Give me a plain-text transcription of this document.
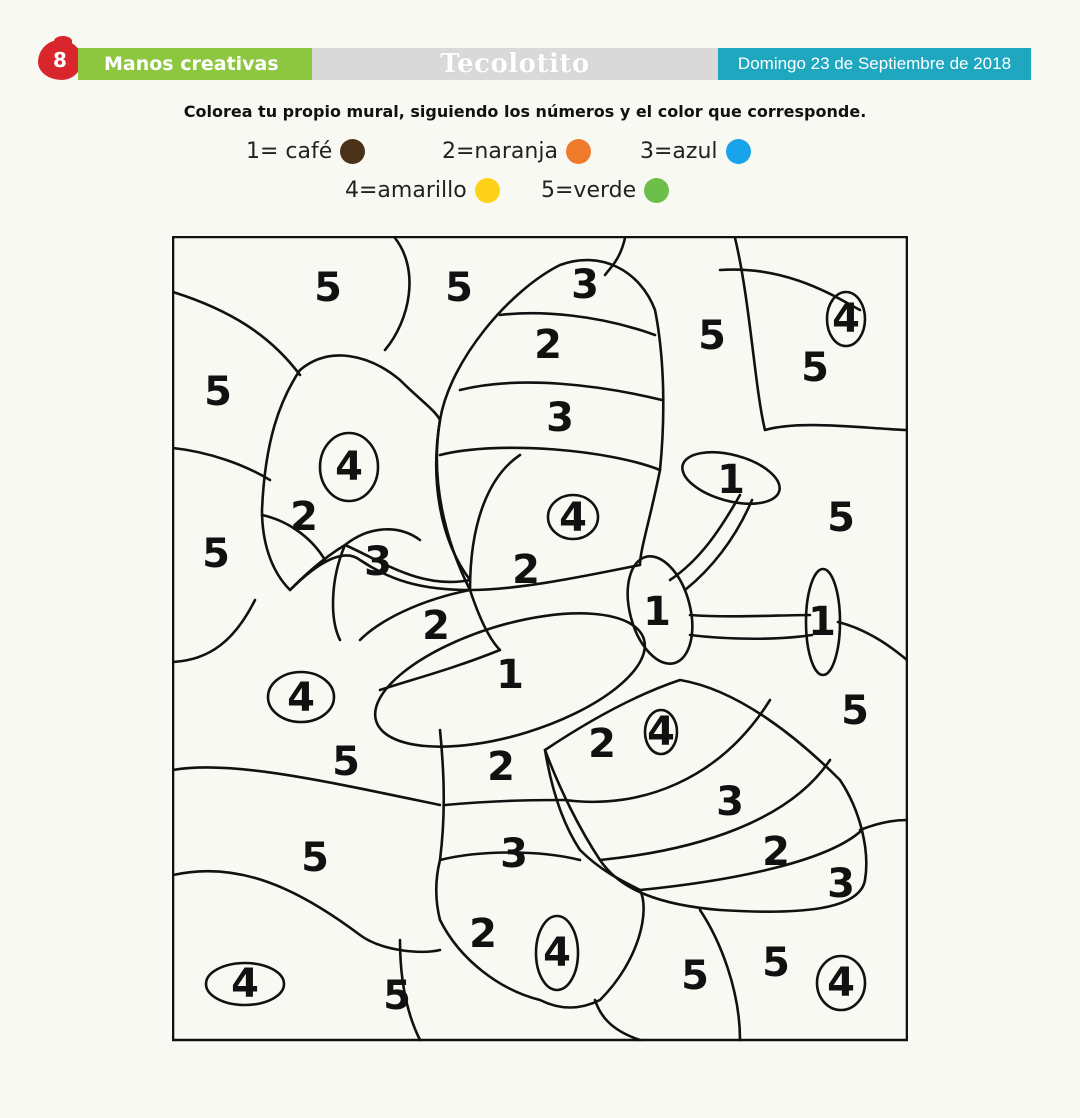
8	Manos creativas	Tecolotito	Domingo 23 de Septiembre de 2018
Colorea tu propio mural, siguiendo los números y el color que corresponde.
1= café	2=naranja	3=azul
4=amarillo	5=verde
5	5 3
2	5	4
5
5
3
4	1
4
2	5
5	3	2
2	1	1
1
4	5
4
2
5	2
3
5	3	2
3
2 4	5 5
4	4
5
